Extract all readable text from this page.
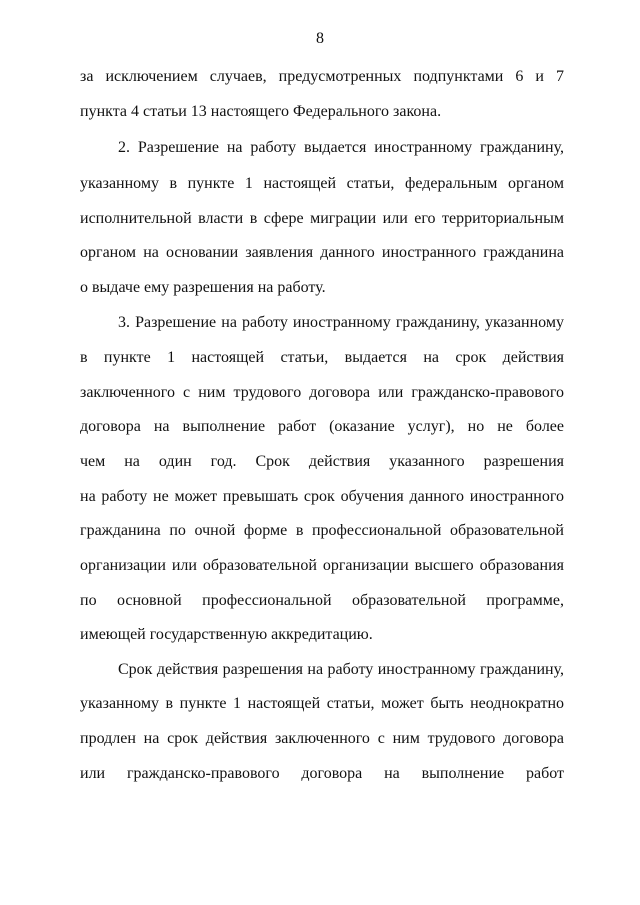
8
за исключением случаев, предусмотренных подпунктами 6 и 7
пункта 4 статьи 13 настоящего Федерального закона.
2. Разрешение на работу выдается иностранному гражданину,
указанному в пункте 1 настоящей статьи, федеральным органом
исполнительной власти в сфере миграции или его территориальным
органом на основании заявления данного иностранного гражданина
о выдаче ему разрешения на работу.
3. Разрешение на работу иностранному гражданину, указанному
в пункте 1 настоящей статьи, выдается на срок действия
заключенного с ним трудового договора или гражданско-правового
договора на выполнение работ (оказание услуг), но не более
чем на один год. Срок действия указанного разрешения
на работу не может превышать срок обучения данного иностранного
гражданина по очной форме в профессиональной образовательной
организации или образовательной организации высшего образования
по основной профессиональной образовательной программе,
имеющей государственную аккредитацию.
Срок действия разрешения на работу иностранному гражданину,
указанному в пункте 1 настоящей статьи, может быть неоднократно
продлен на срок действия заключенного с ним трудового договора
или гражданско-правового договора на выполнение работ
